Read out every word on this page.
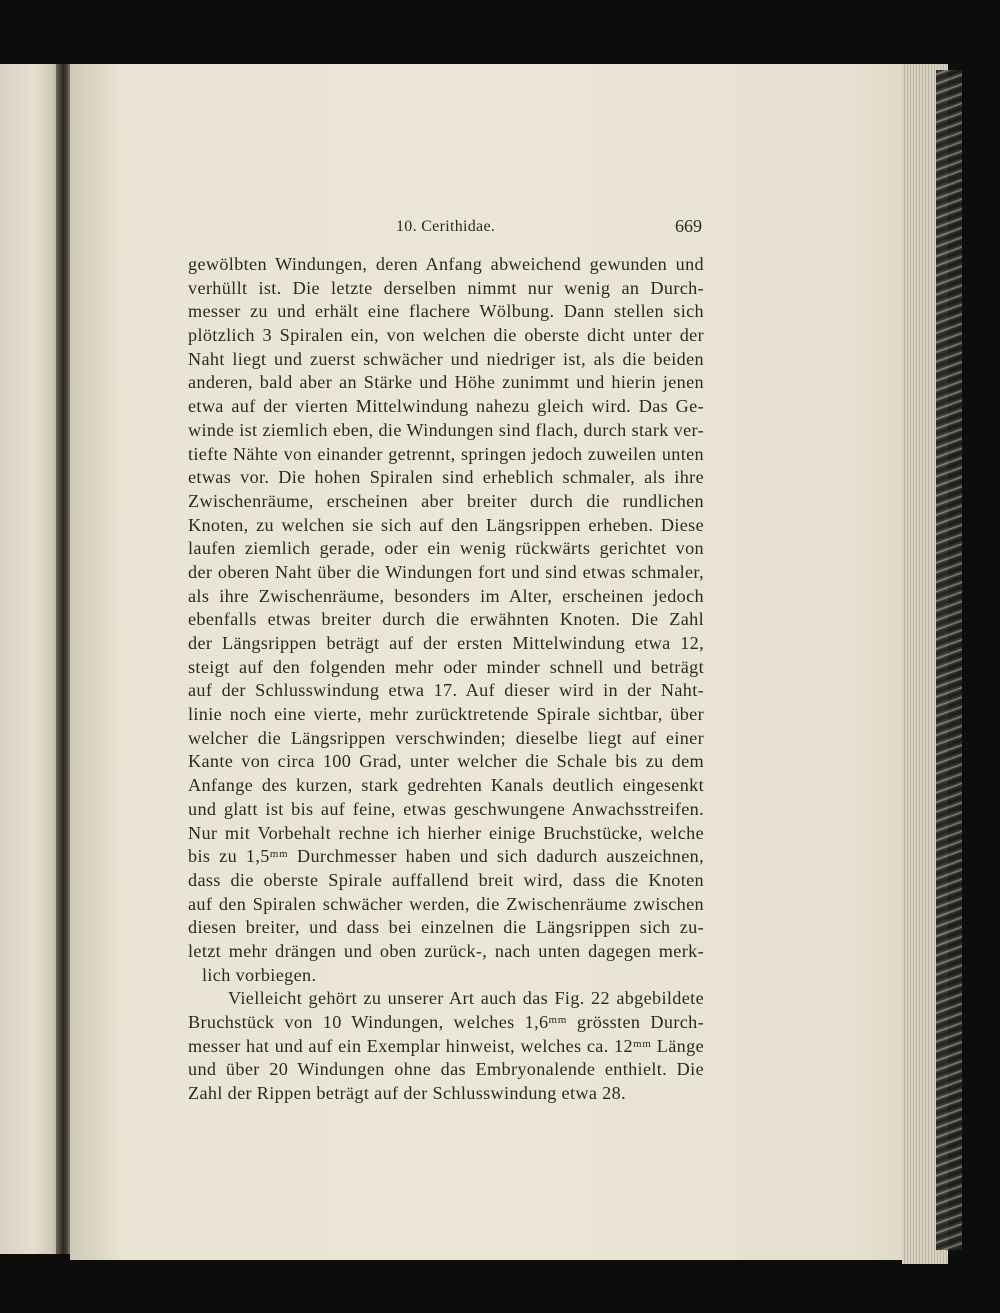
10. Cerithidae.	669
gewölbten Windungen, deren Anfang abweichend gewunden und
verhüllt ist. Die letzte derselben nimmt nur wenig an Durch-
messer zu und erhält eine flachere Wölbung. Dann stellen sich
plötzlich 3 Spiralen ein, von welchen die oberste dicht unter der
Naht liegt und zuerst schwächer und niedriger ist, als die beiden
anderen, bald aber an Stärke und Höhe zunimmt und hierin jenen
etwa auf der vierten Mittelwindung nahezu gleich wird. Das Ge-
winde ist ziemlich eben, die Windungen sind flach, durch stark ver-
tiefte Nähte von einander getrennt, springen jedoch zuweilen unten
etwas vor. Die hohen Spiralen sind erheblich schmaler, als ihre
Zwischenräume, erscheinen aber breiter durch die rundlichen
Knoten, zu welchen sie sich auf den Längsrippen erheben. Diese
laufen ziemlich gerade, oder ein wenig rückwärts gerichtet von
der oberen Naht über die Windungen fort und sind etwas schmaler,
als ihre Zwischenräume, besonders im Alter, erscheinen jedoch
ebenfalls etwas breiter durch die erwähnten Knoten. Die Zahl
der Längsrippen beträgt auf der ersten Mittelwindung etwa 12,
steigt auf den folgenden mehr oder minder schnell und beträgt
auf der Schlusswindung etwa 17. Auf dieser wird in der Naht-
linie noch eine vierte, mehr zurücktretende Spirale sichtbar, über
welcher die Längsrippen verschwinden; dieselbe liegt auf einer
Kante von circa 100 Grad, unter welcher die Schale bis zu dem
Anfange des kurzen, stark gedrehten Kanals deutlich eingesenkt
und glatt ist bis auf feine, etwas geschwungene Anwachsstreifen.
Nur mit Vorbehalt rechne ich hierher einige Bruchstücke, welche
bis zu 1,5ᵐᵐ Durchmesser haben und sich dadurch auszeichnen,
dass die oberste Spirale auffallend breit wird, dass die Knoten
auf den Spiralen schwächer werden, die Zwischenräume zwischen
diesen breiter, und dass bei einzelnen die Längsrippen sich zu-
letzt mehr drängen und oben zurück-, nach unten dagegen merk-
lich vorbiegen.
Vielleicht gehört zu unserer Art auch das Fig. 22 abgebildete
Bruchstück von 10 Windungen, welches 1,6ᵐᵐ grössten Durch-
messer hat und auf ein Exemplar hinweist, welches ca. 12ᵐᵐ Länge
und über 20 Windungen ohne das Embryonalende enthielt. Die
Zahl der Rippen beträgt auf der Schlusswindung etwa 28.
